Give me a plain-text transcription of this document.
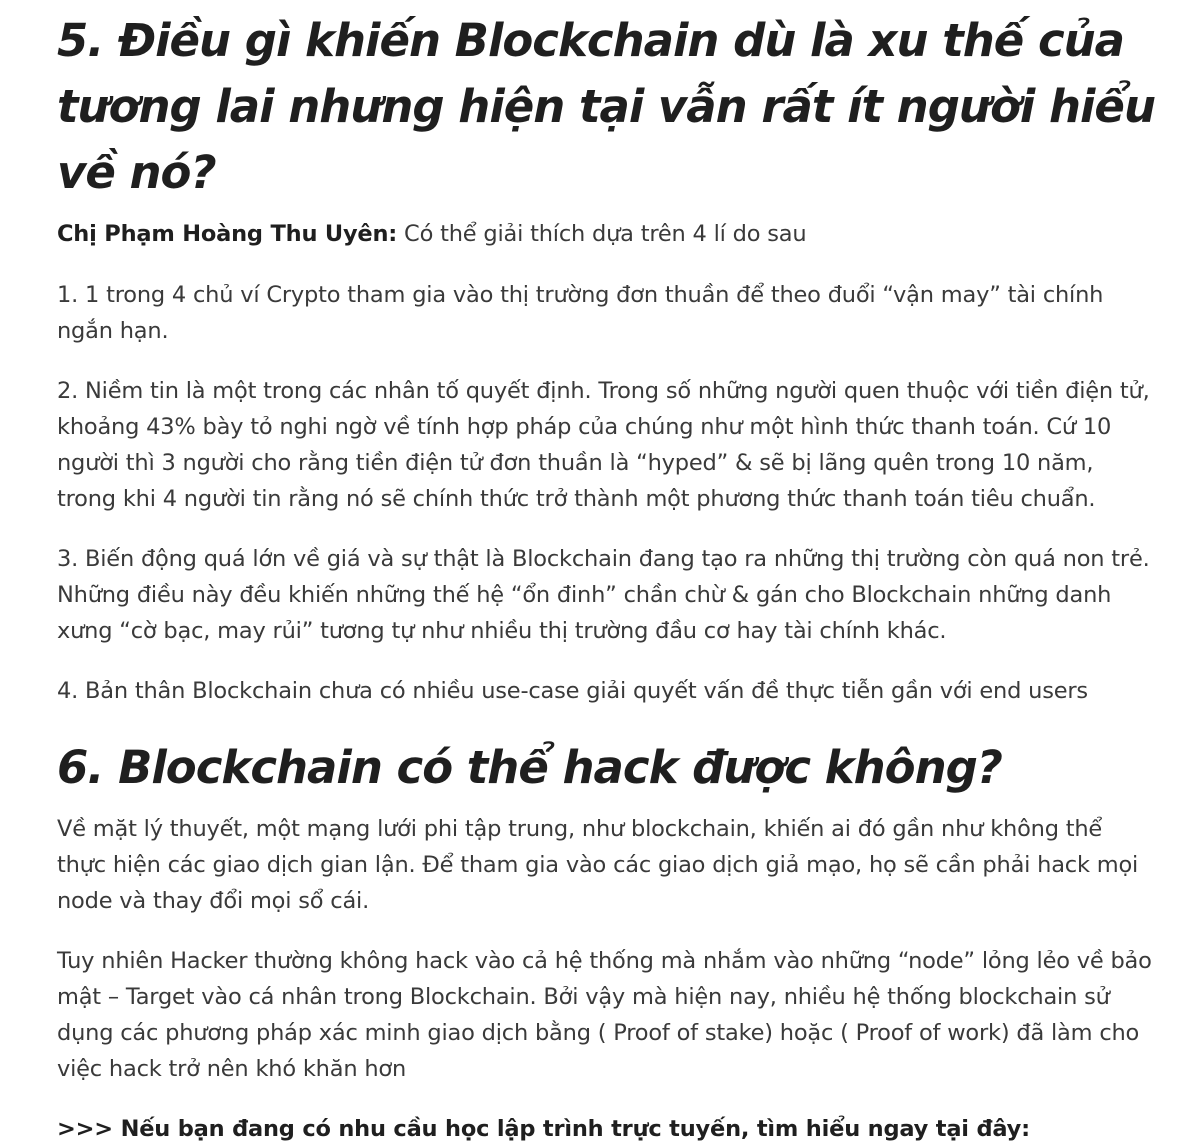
5. Điều gì khiến Blockchain dù là xu thế của tương lai nhưng hiện tại vẫn rất ít người hiểu về nó?

Chị Phạm Hoàng Thu Uyên: Có thể giải thích dựa trên 4 lí do sau

1. 1 trong 4 chủ ví Crypto tham gia vào thị trường đơn thuần để theo đuổi “vận may” tài chính ngắn hạn.

2. Niềm tin là một trong các nhân tố quyết định. Trong số những người quen thuộc với tiền điện tử, khoảng 43% bày tỏ nghi ngờ về tính hợp pháp của chúng như một hình thức thanh toán. Cứ 10 người thì 3 người cho rằng tiền điện tử đơn thuần là “hyped” & sẽ bị lãng quên trong 10 năm, trong khi 4 người tin rằng nó sẽ chính thức trở thành một phương thức thanh toán tiêu chuẩn.

3. Biến động quá lớn về giá và sự thật là Blockchain đang tạo ra những thị trường còn quá non trẻ. Những điều này đều khiến những thế hệ “ổn đinh” chần chừ & gán cho Blockchain những danh xưng “cờ bạc, may rủi” tương tự như nhiều thị trường đầu cơ hay tài chính khác.

4. Bản thân Blockchain chưa có nhiều use-case giải quyết vấn đề thực tiễn gần với end users

6. Blockchain có thể hack được không?

Về mặt lý thuyết, một mạng lưới phi tập trung, như blockchain, khiến ai đó gần như không thể thực hiện các giao dịch gian lận. Để tham gia vào các giao dịch giả mạo, họ sẽ cần phải hack mọi node và thay đổi mọi sổ cái.

Tuy nhiên Hacker thường không hack vào cả hệ thống mà nhắm vào những “node” lỏng lẻo về bảo mật – Target vào cá nhân trong Blockchain. Bởi vậy mà hiện nay, nhiều hệ thống blockchain sử dụng các phương pháp xác minh giao dịch bằng ( Proof of stake) hoặc ( Proof of work) đã làm cho việc hack trở nên khó khăn hơn

>>> Nếu bạn đang có nhu cầu học lập trình trực tuyến, tìm hiểu ngay tại đây:
